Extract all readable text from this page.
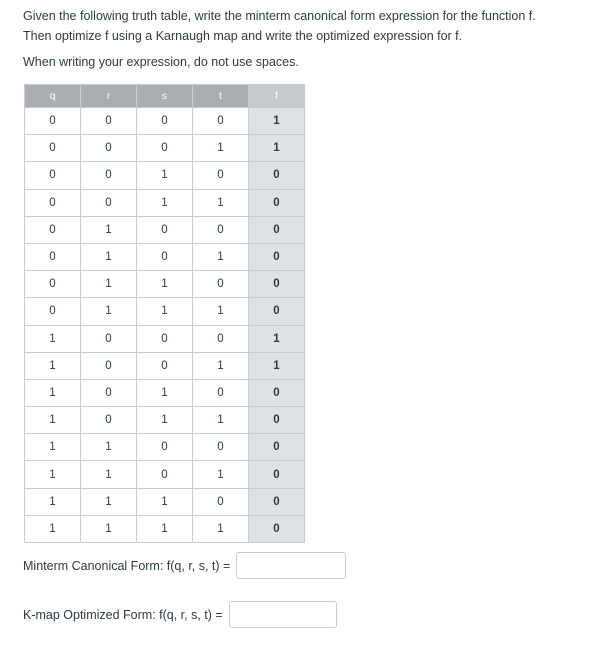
Given the following truth table, write the minterm canonical form expression for the function f.

Then optimize f using a Karnaugh map and write the optimized expression for f.

When writing your expression, do not use spaces.
q	r	s	t	f
0	0	0	0	1
0	0	0	1	1
0	0	1	0	0
0	0	1	1	0
0	1	0	0	0
0	1	0	1	0
0	1	1	0	0
0	1	1	1	0
1	0	0	0	1
1	0	0	1	1
1	0	1	0	0
1	0	1	1	0
1	1	0	0	0
1	1	0	1	0
1	1	1	0	0
1	1	1	1	0
Minterm Canonical Form: f(q, r, s, t) =
K-map Optimized Form: f(q, r, s, t) =
